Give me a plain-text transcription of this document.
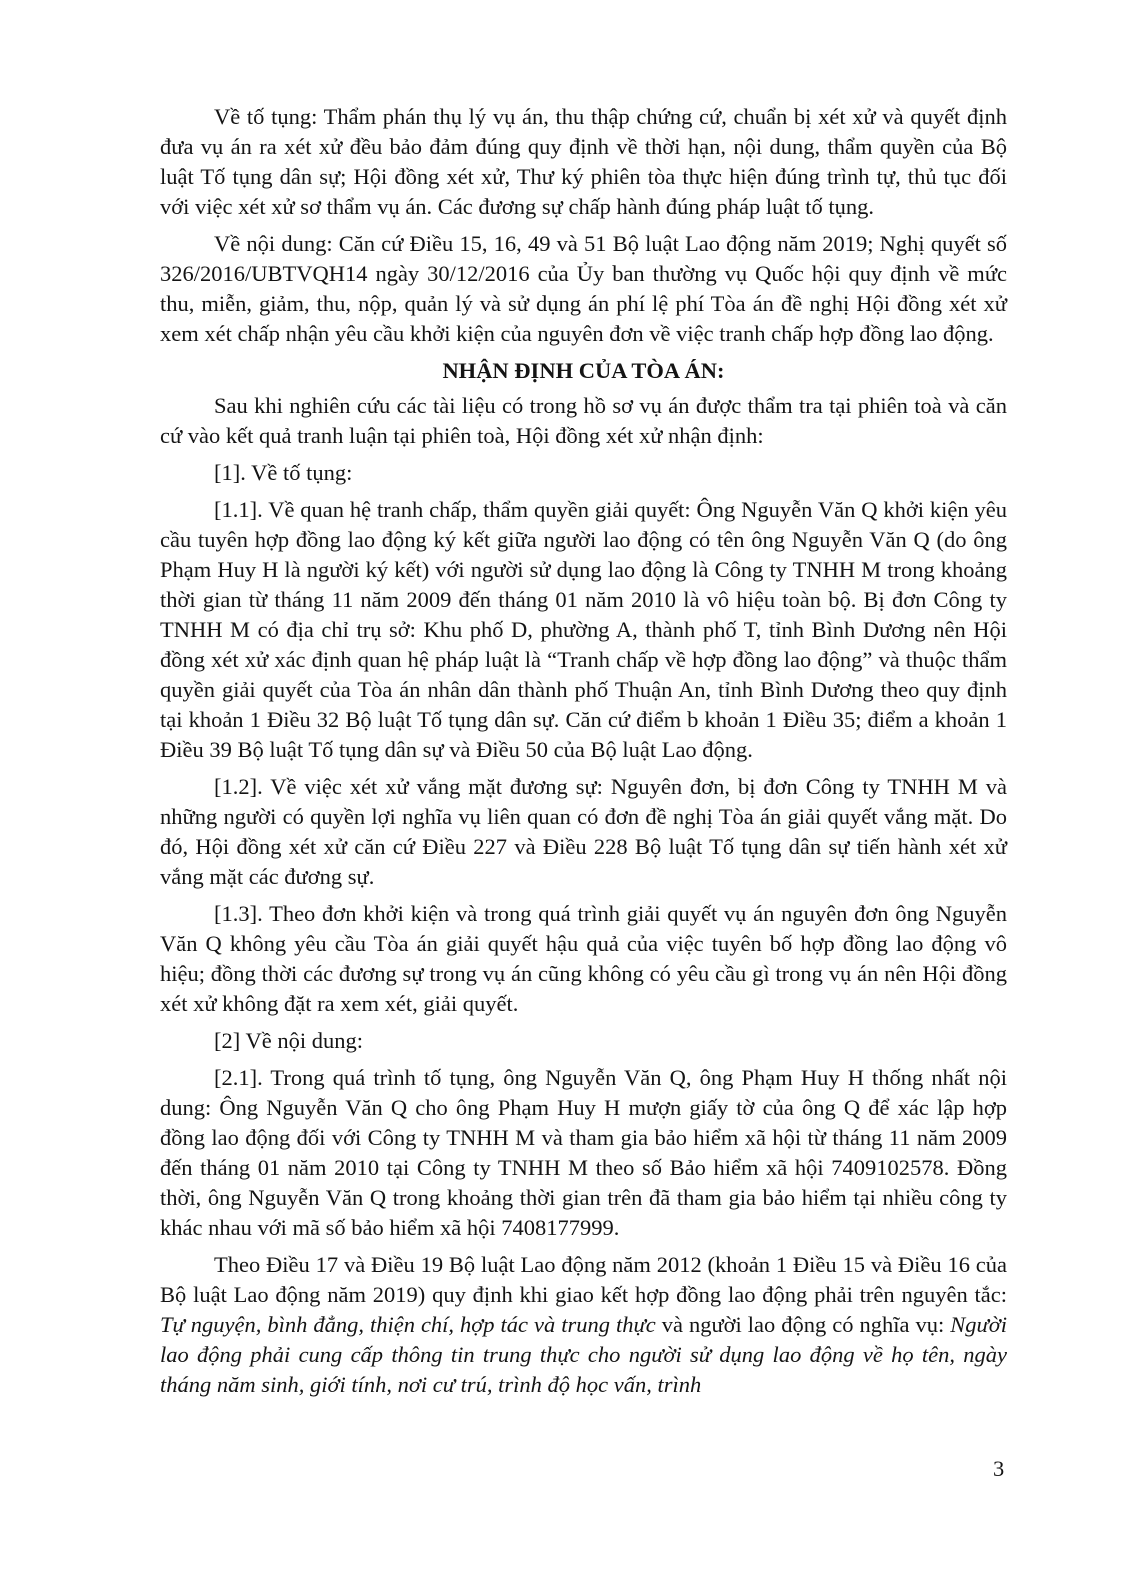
Về tố tụng: Thẩm phán thụ lý vụ án, thu thập chứng cứ, chuẩn bị xét xử và quyết định đưa vụ án ra xét xử đều bảo đảm đúng quy định về thời hạn, nội dung, thẩm quyền của Bộ luật Tố tụng dân sự; Hội đồng xét xử, Thư ký phiên tòa thực hiện đúng trình tự, thủ tục đối với việc xét xử sơ thẩm vụ án. Các đương sự chấp hành đúng pháp luật tố tụng.

Về nội dung: Căn cứ Điều 15, 16, 49 và 51 Bộ luật Lao động năm 2019; Nghị quyết số 326/2016/UBTVQH14 ngày 30/12/2016 của Ủy ban thường vụ Quốc hội quy định về mức thu, miễn, giảm, thu, nộp, quản lý và sử dụng án phí lệ phí Tòa án đề nghị Hội đồng xét xử xem xét chấp nhận yêu cầu khởi kiện của nguyên đơn về việc tranh chấp hợp đồng lao động.

NHẬN ĐỊNH CỦA TÒA ÁN:

Sau khi nghiên cứu các tài liệu có trong hồ sơ vụ án được thẩm tra tại phiên toà và căn cứ vào kết quả tranh luận tại phiên toà, Hội đồng xét xử nhận định:

[1]. Về tố tụng:

[1.1]. Về quan hệ tranh chấp, thẩm quyền giải quyết: Ông Nguyễn Văn Q khởi kiện yêu cầu tuyên hợp đồng lao động ký kết giữa người lao động có tên ông Nguyễn Văn Q (do ông Phạm Huy H là người ký kết) với người sử dụng lao động là Công ty TNHH M trong khoảng thời gian từ tháng 11 năm 2009 đến tháng 01 năm 2010 là vô hiệu toàn bộ. Bị đơn Công ty TNHH M có địa chỉ trụ sở: Khu phố D, phường A, thành phố T, tỉnh Bình Dương nên Hội đồng xét xử xác định quan hệ pháp luật là “Tranh chấp về hợp đồng lao động” và thuộc thẩm quyền giải quyết của Tòa án nhân dân thành phố Thuận An, tỉnh Bình Dương theo quy định tại khoản 1 Điều 32 Bộ luật Tố tụng dân sự. Căn cứ điểm b khoản 1 Điều 35; điểm a khoản 1 Điều 39 Bộ luật Tố tụng dân sự và Điều 50 của Bộ luật Lao động.

[1.2]. Về việc xét xử vắng mặt đương sự: Nguyên đơn, bị đơn Công ty TNHH M và những người có quyền lợi nghĩa vụ liên quan có đơn đề nghị Tòa án giải quyết vắng mặt. Do đó, Hội đồng xét xử căn cứ Điều 227 và Điều 228 Bộ luật Tố tụng dân sự tiến hành xét xử vắng mặt các đương sự.

[1.3]. Theo đơn khởi kiện và trong quá trình giải quyết vụ án nguyên đơn ông Nguyễn Văn Q không yêu cầu Tòa án giải quyết hậu quả của việc tuyên bố hợp đồng lao động vô hiệu; đồng thời các đương sự trong vụ án cũng không có yêu cầu gì trong vụ án nên Hội đồng xét xử không đặt ra xem xét, giải quyết.

[2] Về nội dung:

[2.1]. Trong quá trình tố tụng, ông Nguyễn Văn Q, ông Phạm Huy H thống nhất nội dung: Ông Nguyễn Văn Q cho ông Phạm Huy H mượn giấy tờ của ông Q để xác lập hợp đồng lao động đối với Công ty TNHH M và tham gia bảo hiểm xã hội từ tháng 11 năm 2009 đến tháng 01 năm 2010 tại Công ty TNHH M theo số Bảo hiểm xã hội 7409102578. Đồng thời, ông Nguyễn Văn Q trong khoảng thời gian trên đã tham gia bảo hiểm tại nhiều công ty khác nhau với mã số bảo hiểm xã hội 7408177999.

Theo Điều 17 và Điều 19 Bộ luật Lao động năm 2012 (khoản 1 Điều 15 và Điều 16 của Bộ luật Lao động năm 2019) quy định khi giao kết hợp đồng lao động phải trên nguyên tắc: Tự nguyện, bình đẳng, thiện chí, hợp tác và trung thực và người lao động có nghĩa vụ: Người lao động phải cung cấp thông tin trung thực cho người sử dụng lao động về họ tên, ngày tháng năm sinh, giới tính, nơi cư trú, trình độ học vấn, trình

3
